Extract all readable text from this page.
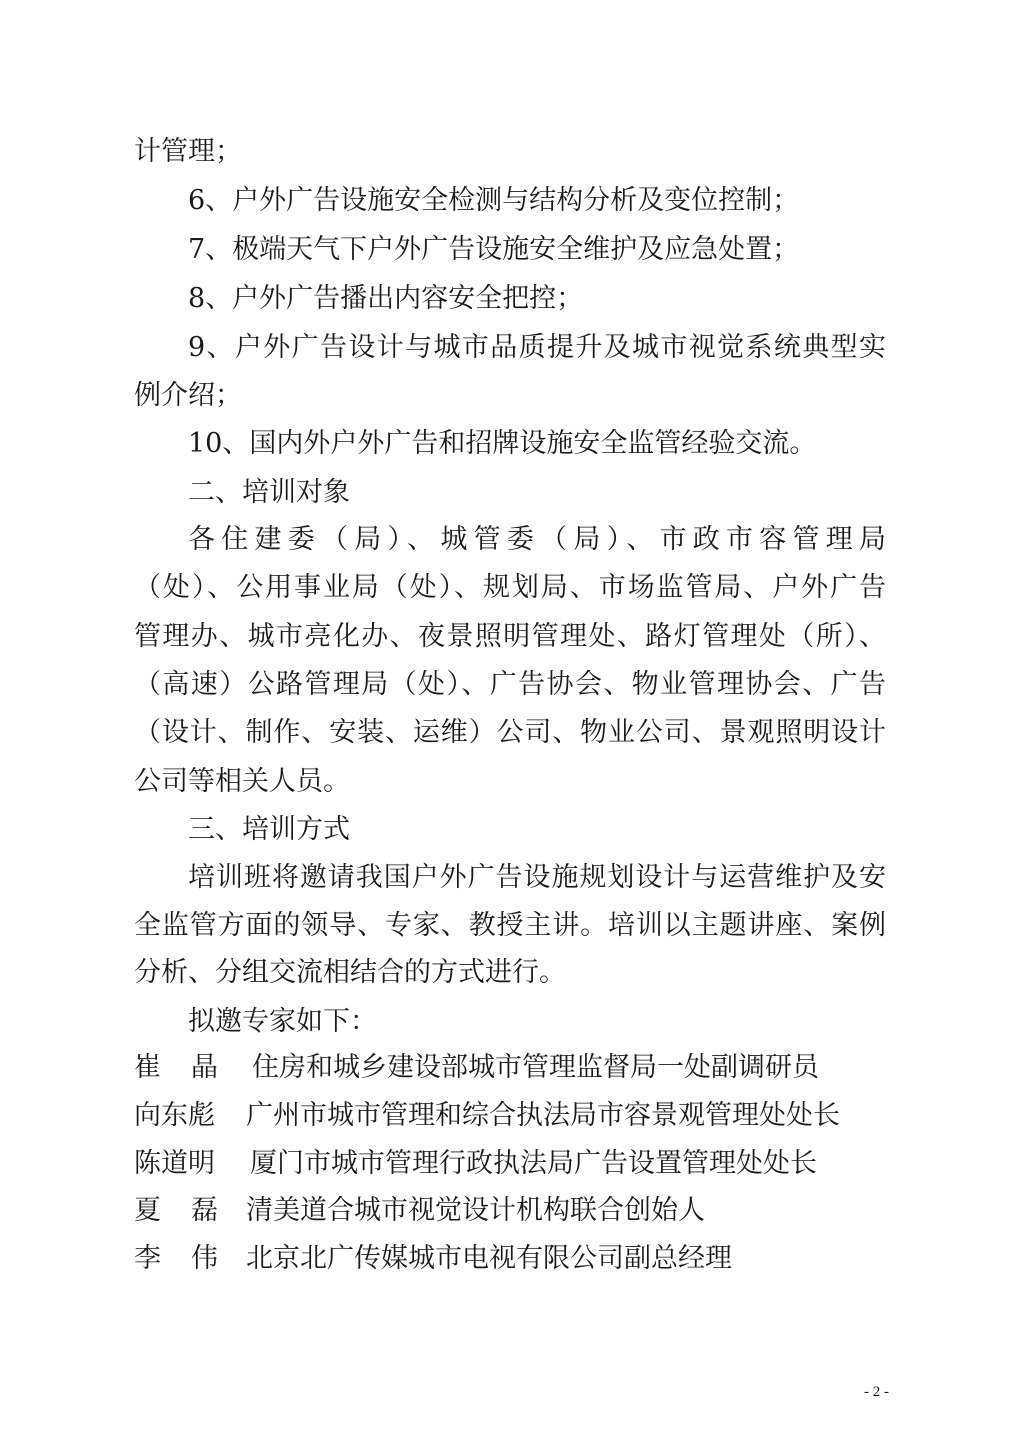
计管理；
6、户外广告设施安全检测与结构分析及变位控制；
7、极端天气下户外广告设施安全维护及应急处置；
8、户外广告播出内容安全把控；
9、户外广告设计与城市品质提升及城市视觉系统典型实
例介绍；
10、国内外户外广告和招牌设施安全监管经验交流。
二、培训对象
各住建委（局）、城管委（局）、市政市容管理局
（处）、公用事业局（处）、规划局、市场监管局、户外广告
管理办、城市亮化办、夜景照明管理处、路灯管理处（所）、
（高速）公路管理局（处）、广告协会、物业管理协会、广告
（设计、制作、安装、运维）公司、物业公司、景观照明设计
公司等相关人员。
三、培训方式
培训班将邀请我国户外广告设施规划设计与运营维护及安
全监管方面的领导、专家、教授主讲。培训以主题讲座、案例
分析、分组交流相结合的方式进行。
拟邀专家如下：
崔晶 住房和城乡建设部城市管理监督局一处副调研员
向东彪	广州市城市管理和综合执法局市容景观管理处处长
陈道明	厦门市城市管理行政执法局广告设置管理处处长
夏磊
清美道合城市视觉设计机构联合创始人
李伟
北京北广传媒城市电视有限公司副总经理
- 2 -
